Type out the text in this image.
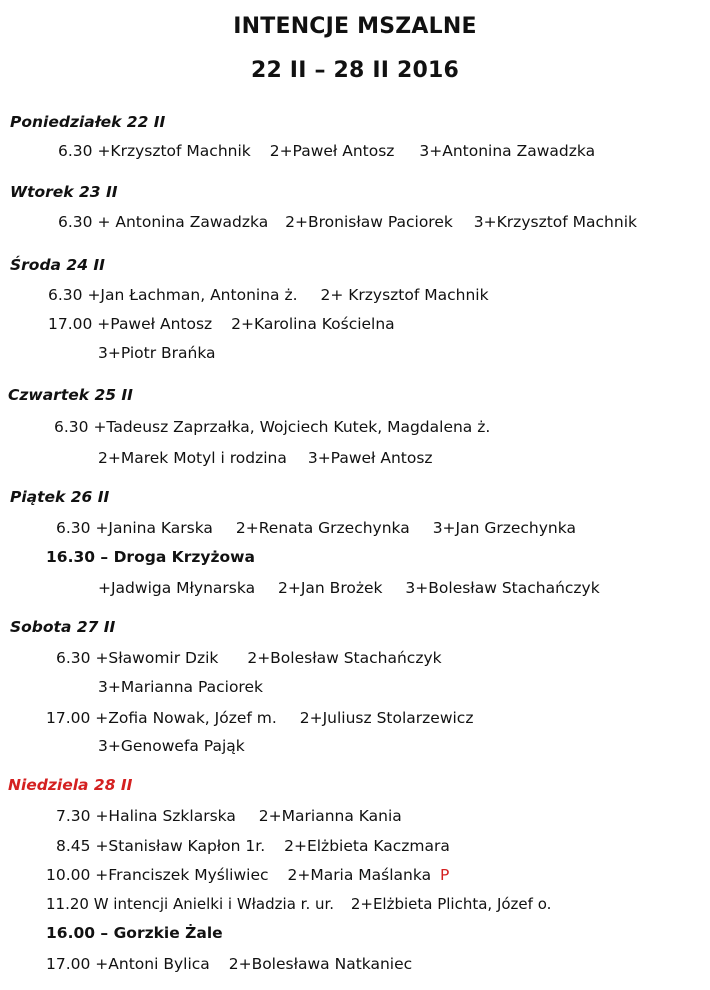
INTENCJE MSZALNE
22 II – 28 II 2016
Poniedziałek 22 II
6.30 +Krzysztof Machnik 2+Paweł Antosz 3+Antonina Zawadzka
Wtorek 23 II
6.30 + Antonina Zawadzka 2+Bronisław Paciorek 3+Krzysztof Machnik
Środa 24 II
6.30 +Jan Łachman, Antonina ż. 2+ Krzysztof Machnik
17.00 +Paweł Antosz 2+Karolina Kościelna
3+Piotr Brańka
Czwartek 25 II
6.30 +Tadeusz Zaprzałka, Wojciech Kutek, Magdalena ż.
2+Marek Motyl i rodzina 3+Paweł Antosz
Piątek 26 II
6.30 +Janina Karska 2+Renata Grzechynka 3+Jan Grzechynka
16.30 – Droga Krzyżowa
+Jadwiga Młynarska 2+Jan Brożek 3+Bolesław Stachańczyk
Sobota 27 II
6.30 +Sławomir Dzik 2+Bolesław Stachańczyk
3+Marianna Paciorek
17.00 +Zofia Nowak, Józef m. 2+Juliusz Stolarzewicz
3+Genowefa Pająk
Niedziela 28 II
7.30 +Halina Szklarska 2+Marianna Kania
8.45 +Stanisław Kapłon 1r. 2+Elżbieta Kaczmara
10.00 +Franciszek Myśliwiec 2+Maria Maślanka P
11.20 W intencji Anielki i Władzia r. ur. 2+Elżbieta Plichta, Józef o.
16.00 – Gorzkie Żale
17.00 +Antoni Bylica 2+Bolesława Natkaniec
